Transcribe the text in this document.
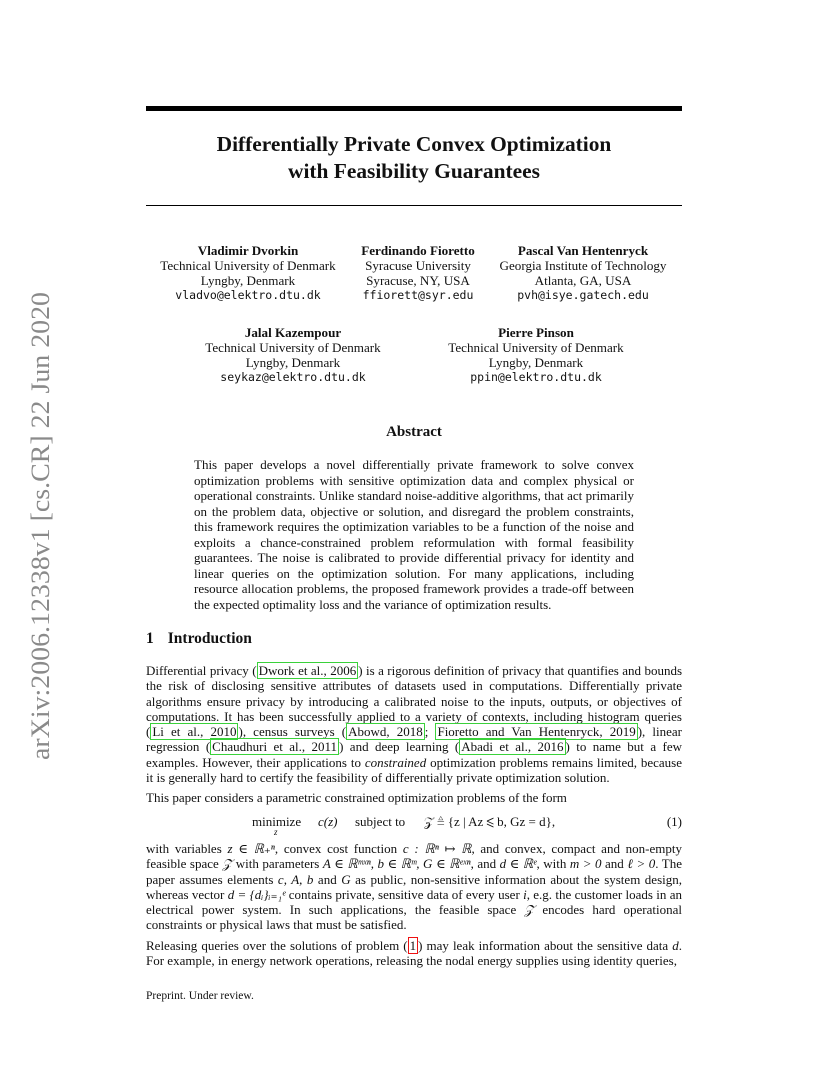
arXiv:2006.12338v1 [cs.CR] 22 Jun 2020
Differentially Private Convex Optimization
with Feasibility Guarantees
Vladimir Dvorkin
Technical University of Denmark
Lyngby, Denmark
vladvo@elektro.dtu.dk
Ferdinando Fioretto
Syracuse University
Syracuse, NY, USA
ffiorett@syr.edu
Pascal Van Hentenryck
Georgia Institute of Technology
Atlanta, GA, USA
pvh@isye.gatech.edu
Jalal Kazempour
Technical University of Denmark
Lyngby, Denmark
seykaz@elektro.dtu.dk
Pierre Pinson
Technical University of Denmark
Lyngby, Denmark
ppin@elektro.dtu.dk
Abstract

This paper develops a novel differentially private framework to solve convex optimization problems with sensitive optimization data and complex physical or operational constraints. Unlike standard noise-additive algorithms, that act primarily on the problem data, objective or solution, and disregard the problem constraints, this framework requires the optimization variables to be a function of the noise and exploits a chance-constrained problem reformulation with formal feasibility guarantees. The noise is calibrated to provide differential privacy for identity and linear queries on the optimization solution. For many applications, including resource allocation problems, the proposed framework provides a trade-off between the expected optimality loss and the variance of optimization results.

1 Introduction

Differential privacy ( Dwork et al., 2006 ) is a rigorous definition of privacy that quantifies and bounds the risk of disclosing sensitive attributes of datasets used in computations. Differentially private algorithms ensure privacy by introducing a calibrated noise to the inputs, outputs, or objectives of computations. It has been successfully applied to a variety of contexts, including histogram queries ( Li et al., 2010 ), census surveys ( Abowd, 2018 ; Fioretto and Van Hentenryck, 2019 ), linear regression ( Chaudhuri et al., 2011 ) and deep learning ( Abadi et al., 2016 ) to name but a few examples. However, their applications to constrained optimization problems remains limited, because it is generally hard to certify the feasibility of differentially private optimization solution.

This paper considers a parametric constrained optimization problems of the form

minimize
z
c(z) subject to 𝒵 ≜ {z | Az ⩽ b, Gz = d},	(1)

with variables z ∈ ℝ₊ⁿ, convex cost function c : ℝⁿ ↦ ℝ, and convex, compact and non-empty feasible space 𝒵 with parameters A ∈ ℝᵐˣⁿ, b ∈ ℝᵐ, G ∈ ℝᵉˣⁿ, and d ∈ ℝᵉ, with m > 0 and ℓ > 0. The paper assumes elements c, A, b and G as public, non-sensitive information about the system design, whereas vector d = {dᵢ}ᵢ₌₁ᵉ contains private, sensitive data of every user i, e.g. the customer loads in an electrical power system. In such applications, the feasible space 𝒵 encodes hard operational constraints or physical laws that must be satisfied.

Releasing queries over the solutions of problem ( 1 ) may leak information about the sensitive data d. For example, in energy network operations, releasing the nodal energy supplies using identity queries,

Preprint. Under review.
